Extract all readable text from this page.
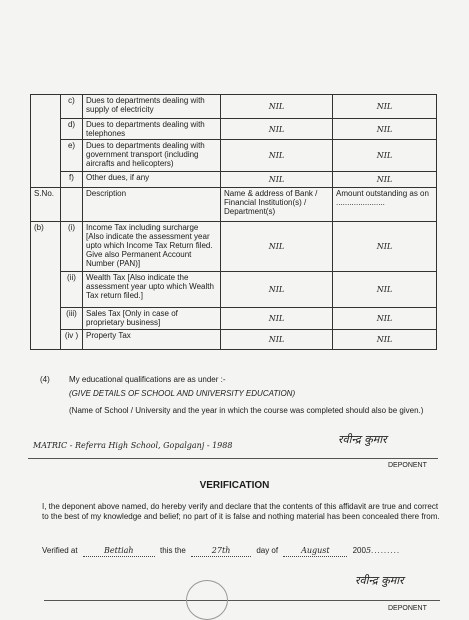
	c)	Dues to departments dealing with supply of electricity	NIL	NIL
	d)	Dues to departments dealing with telephones	NIL	NIL
	e)	Dues to departments dealing with government transport (including aircrafts and helicopters)	NIL	NIL
	f)	Other dues, if any	NIL	NIL
S.No.		Description	Name & address of Bank / Financial Institution(s) / Department(s)	Amount outstanding as on ......................
(b)	(i)	Income Tax including surcharge [Also indicate the assessment year upto which Income Tax Return filed. Give also Permanent Account Number (PAN)]	NIL	NIL
	(ii)	Wealth Tax [Also indicate the assessment year upto which Wealth Tax return filed.]	NIL	NIL
	(iii)	Sales Tax [Only in case of proprietary business]	NIL	NIL
	(iv )	Property Tax	NIL	NIL
(4) My educational qualifications are as under :-
(GIVE DETAILS OF SCHOOL AND UNIVERSITY EDUCATION)
(Name of School / University and the year in which the course was completed should also be given.)
MATRIC - Referra High School, Gopalganj - 1988	रवीन्द्र कुमार
DEPONENT
VERIFICATION
I, the deponent above named, do hereby verify and declare that the contents of this affidavit are true and correct to the best of my knowledge and belief; no part of it is false and nothing material has been concealed there from.
Verified at	Bettiah	this the	27th	day of	August	2005.........
रवीन्द्र कुमार
DEPONENT
